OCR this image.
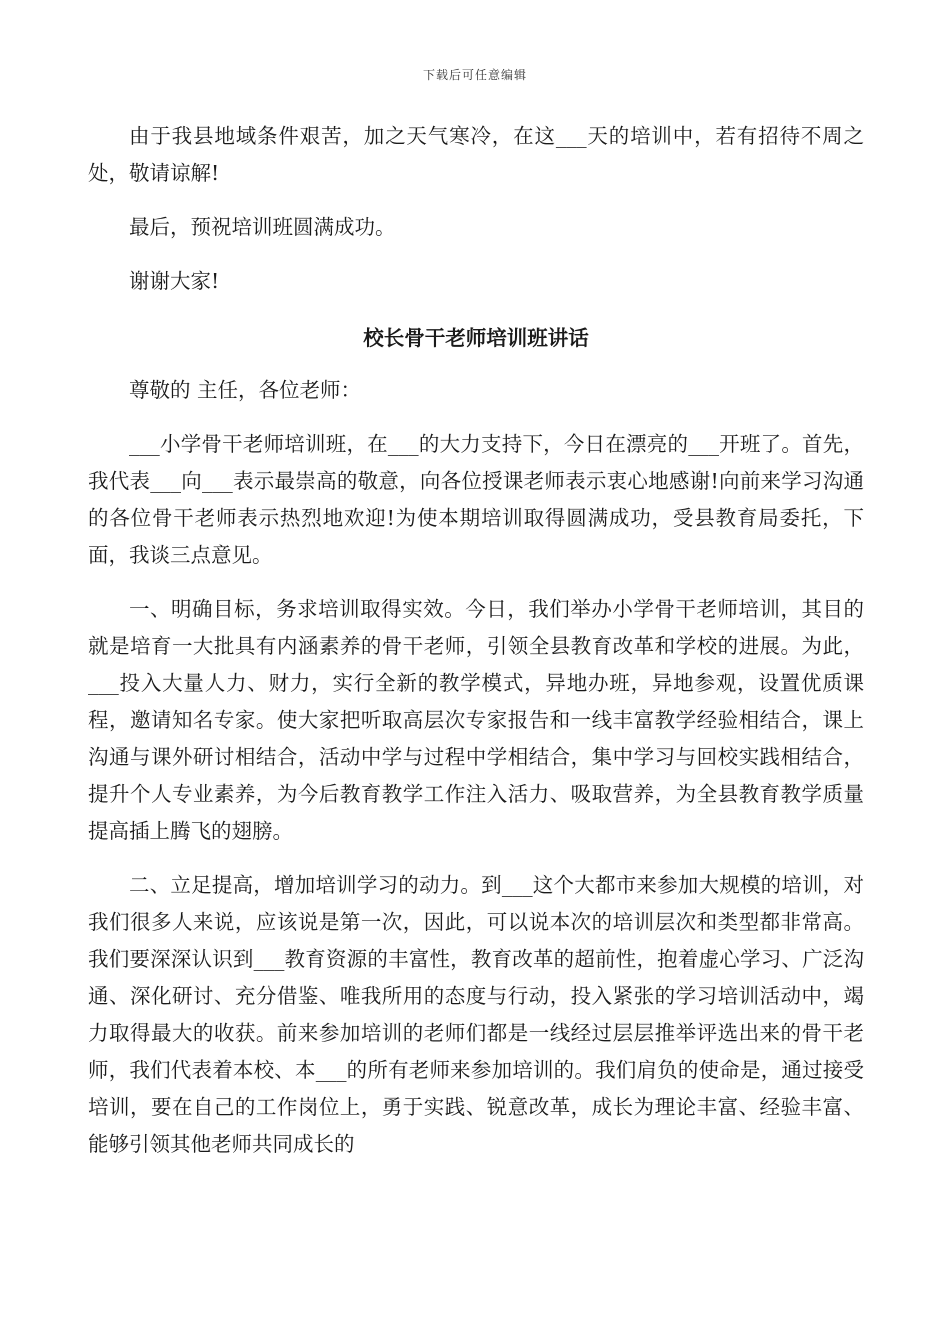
下载后可任意编辑

由于我县地域条件艰苦，加之天气寒冷，在这___天的培训中，若有招待不周之处，敬请谅解!

最后，预祝培训班圆满成功。

谢谢大家!

校长骨干老师培训班讲话

尊敬的 主任，各位老师：

___小学骨干老师培训班，在___的大力支持下，今日在漂亮的___开班了。首先，我代表___向___表示最崇高的敬意，向各位授课老师表示衷心地感谢!向前来学习沟通的各位骨干老师表示热烈地欢迎!为使本期培训取得圆满成功，受县教育局委托，下面，我谈三点意见。

一、明确目标，务求培训取得实效。今日，我们举办小学骨干老师培训，其目的就是培育一大批具有内涵素养的骨干老师，引领全县教育改革和学校的进展。为此，___投入大量人力、财力，实行全新的教学模式，异地办班，异地参观，设置优质课程，邀请知名专家。使大家把听取高层次专家报告和一线丰富教学经验相结合，课上沟通与课外研讨相结合，活动中学与过程中学相结合，集中学习与回校实践相结合，提升个人专业素养，为今后教育教学工作注入活力、吸取营养，为全县教育教学质量提高插上腾飞的翅膀。

二、立足提高，增加培训学习的动力。到___这个大都市来参加大规模的培训，对我们很多人来说，应该说是第一次，因此，可以说本次的培训层次和类型都非常高。我们要深深认识到___教育资源的丰富性，教育改革的超前性，抱着虚心学习、广泛沟通、深化研讨、充分借鉴、唯我所用的态度与行动，投入紧张的学习培训活动中，竭力取得最大的收获。前来参加培训的老师们都是一线经过层层推举评选出来的骨干老师，我们代表着本校、本___的所有老师来参加培训的。我们肩负的使命是，通过接受培训，要在自己的工作岗位上，勇于实践、锐意改革，成长为理论丰富、经验丰富、能够引领其他老师共同成长的
